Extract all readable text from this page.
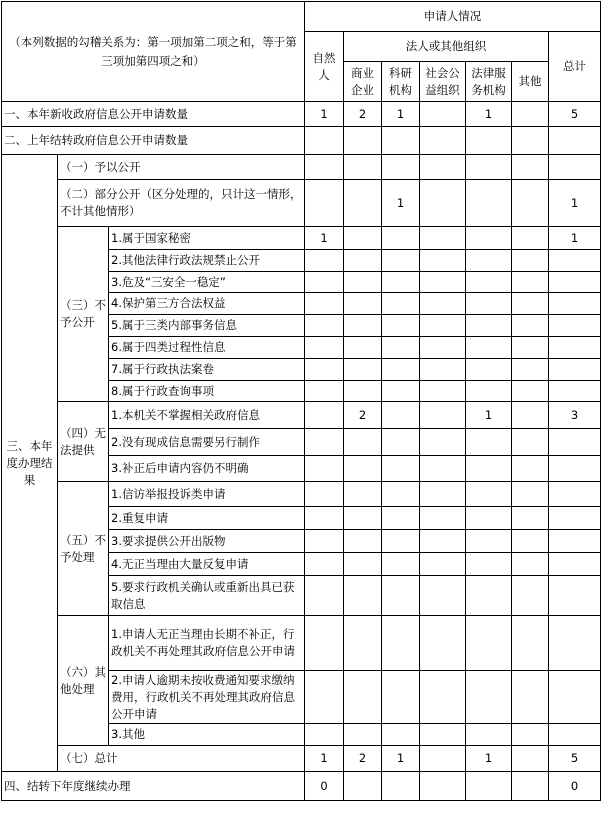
（本列数据的勾稽关系为：第一项加第二项之和，等于第三项加第四项之和）			申请人情况						
			自然人	法人或其他组织					总计
				商业企业	科研机构	社会公益组织	法律服务机构	其他	
一、本年新收政府信息公开申请数量			1	2	1		1		5
二、上年结转政府信息公开申请数量									
三、本年度办理结果	（一）予以公开								
	（二）部分公开（区分处理的，只计这一情形，不计其他情形）				1				1
	（三）不予公开	1.属于国家秘密	1						1
		2.其他法律行政法规禁止公开							
		3.危及“三安全一稳定”							
		4.保护第三方合法权益							
		5.属于三类内部事务信息							
		6.属于四类过程性信息							
		7.属于行政执法案卷							
		8.属于行政查询事项							
	（四）无法提供	1.本机关不掌握相关政府信息		2			1		3
		2.没有现成信息需要另行制作							
		3.补正后申请内容仍不明确							
	（五）不予处理	1.信访举报投诉类申请							
		2.重复申请							
		3.要求提供公开出版物							
		4.无正当理由大量反复申请							
		5.要求行政机关确认或重新出具已获取信息							
	（六）其他处理	1.申请人无正当理由长期不补正，行政机关不再处理其政府信息公开申请							
		2.申请人逾期未按收费通知要求缴纳费用，行政机关不再处理其政府信息公开申请							
		3.其他							
	（七）总计		1	2	1		1		5
四、结转下年度继续办理			0						0
